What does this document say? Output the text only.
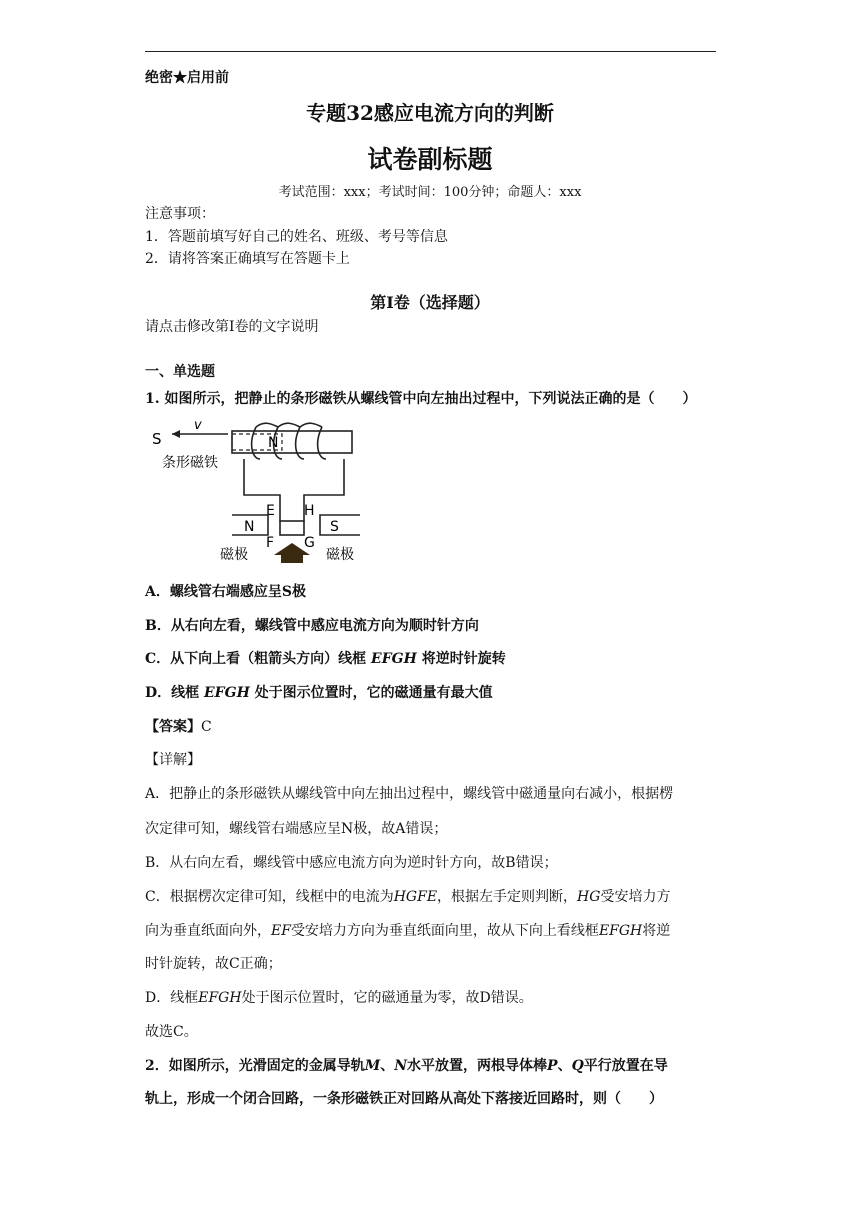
绝密★启用前
专题32感应电流方向的判断
试卷副标题
考试范围：xxx；考试时间：100分钟；命题人：xxx
注意事项：
1．答题前填写好自己的姓名、班级、考号等信息
2．请将答案正确填写在答题卡上
第I卷（选择题）
请点击修改第I卷的文字说明
一、单选题
1. 如图所示，把静止的条形磁铁从螺线管中向左抽出过程中，下列说法正确的是（　　）
S
v
N
条形磁铁
E H
F G
N	S
磁极	磁极
A．螺线管右端感应呈S极
B．从右向左看，螺线管中感应电流方向为顺时针方向
C．从下向上看（粗箭头方向）线框 EFGH 将逆时针旋转
D．线框 EFGH 处于图示位置时，它的磁通量有最大值
【答案】C
【详解】
A．把静止的条形磁铁从螺线管中向左抽出过程中，螺线管中磁通量向右减小，根据楞
次定律可知，螺线管右端感应呈N极，故A错误；
B．从右向左看，螺线管中感应电流方向为逆时针方向，故B错误；
C．根据楞次定律可知，线框中的电流为HGFE，根据左手定则判断，HG受安培力方
向为垂直纸面向外，EF受安培力方向为垂直纸面向里，故从下向上看线框EFGH将逆
时针旋转，故C正确；
D．线框EFGH处于图示位置时，它的磁通量为零，故D错误。
故选C。
2．如图所示，光滑固定的金属导轨M、N水平放置，两根导体棒P、Q平行放置在导
轨上，形成一个闭合回路，一条形磁铁正对回路从高处下落接近回路时，则（　　）
